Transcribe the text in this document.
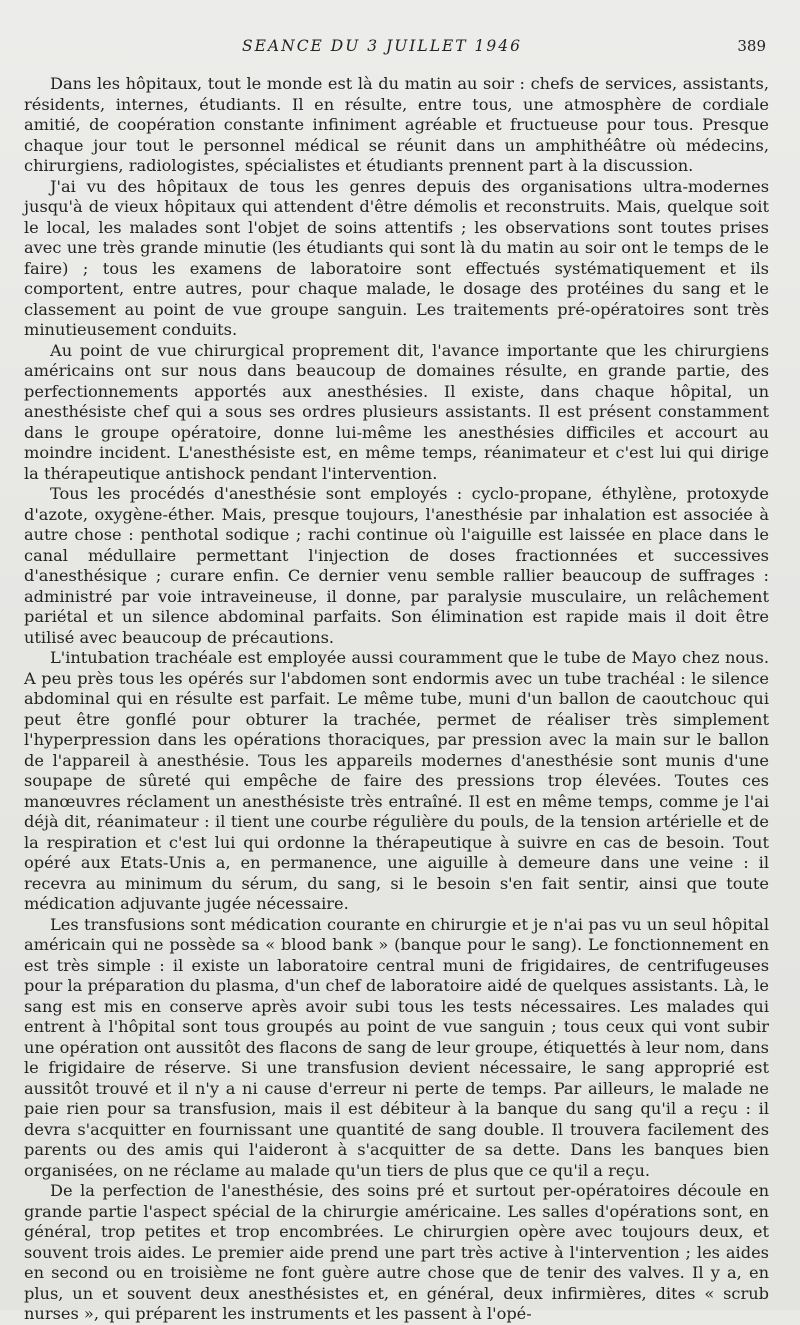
SEANCE DU 3 JUILLET 1946	389

Dans les hôpitaux, tout le monde est là du matin au soir : chefs de services, assistants, résidents, internes, étudiants. Il en résulte, entre tous, une atmosphère de cordiale amitié, de coopération constante infiniment agréable et fructueuse pour tous. Presque chaque jour tout le personnel médical se réunit dans un amphithéâtre où médecins, chirurgiens, radiologistes, spécialistes et étudiants prennent part à la discussion.

J'ai vu des hôpitaux de tous les genres depuis des organisations ultra-modernes jusqu'à de vieux hôpitaux qui attendent d'être démolis et reconstruits. Mais, quelque soit le local, les malades sont l'objet de soins attentifs ; les observations sont toutes prises avec une très grande minutie (les étudiants qui sont là du matin au soir ont le temps de le faire) ; tous les examens de laboratoire sont effectués systématiquement et ils comportent, entre autres, pour chaque malade, le dosage des protéines du sang et le classement au point de vue groupe sanguin. Les traitements pré-opératoires sont très minutieusement conduits.

Au point de vue chirurgical proprement dit, l'avance importante que les chirurgiens américains ont sur nous dans beaucoup de domaines résulte, en grande partie, des perfectionnements apportés aux anesthésies. Il existe, dans chaque hôpital, un anesthésiste chef qui a sous ses ordres plusieurs assistants. Il est présent constamment dans le groupe opératoire, donne lui-même les anesthésies difficiles et accourt au moindre incident. L'anesthésiste est, en même temps, réanimateur et c'est lui qui dirige la thérapeutique antishock pendant l'intervention.

Tous les procédés d'anesthésie sont employés : cyclo-propane, éthylène, protoxyde d'azote, oxygène-éther. Mais, presque toujours, l'anesthésie par inhalation est associée à autre chose : penthotal sodique ; rachi continue où l'aiguille est laissée en place dans le canal médullaire permettant l'injection de doses fractionnées et successives d'anesthésique ; curare enfin. Ce dernier venu semble rallier beaucoup de suffrages : administré par voie intraveineuse, il donne, par paralysie musculaire, un relâchement pariétal et un silence abdominal parfaits. Son élimination est rapide mais il doit être utilisé avec beaucoup de précautions.

L'intubation trachéale est employée aussi couramment que le tube de Mayo chez nous. A peu près tous les opérés sur l'abdomen sont endormis avec un tube trachéal : le silence abdominal qui en résulte est parfait. Le même tube, muni d'un ballon de caoutchouc qui peut être gonflé pour obturer la trachée, permet de réaliser très simplement l'hyperpression dans les opérations thoraciques, par pression avec la main sur le ballon de l'appareil à anesthésie. Tous les appareils modernes d'anesthésie sont munis d'une soupape de sûreté qui empêche de faire des pressions trop élevées. Toutes ces manœuvres réclament un anesthésiste très entraîné. Il est en même temps, comme je l'ai déjà dit, réanimateur : il tient une courbe régulière du pouls, de la tension artérielle et de la respiration et c'est lui qui ordonne la thérapeutique à suivre en cas de besoin. Tout opéré aux Etats-Unis a, en permanence, une aiguille à demeure dans une veine : il recevra au minimum du sérum, du sang, si le besoin s'en fait sentir, ainsi que toute médication adjuvante jugée nécessaire.

Les transfusions sont médication courante en chirurgie et je n'ai pas vu un seul hôpital américain qui ne possède sa « blood bank » (banque pour le sang). Le fonctionnement en est très simple : il existe un laboratoire central muni de frigidaires, de centrifugeuses pour la préparation du plasma, d'un chef de laboratoire aidé de quelques assistants. Là, le sang est mis en conserve après avoir subi tous les tests nécessaires. Les malades qui entrent à l'hôpital sont tous groupés au point de vue sanguin ; tous ceux qui vont subir une opération ont aussitôt des flacons de sang de leur groupe, étiquettés à leur nom, dans le frigidaire de réserve. Si une transfusion devient nécessaire, le sang approprié est aussitôt trouvé et il n'y a ni cause d'erreur ni perte de temps. Par ailleurs, le malade ne paie rien pour sa transfusion, mais il est débiteur à la banque du sang qu'il a reçu : il devra s'acquitter en fournissant une quantité de sang double. Il trouvera facilement des parents ou des amis qui l'aideront à s'acquitter de sa dette. Dans les banques bien organisées, on ne réclame au malade qu'un tiers de plus que ce qu'il a reçu.

De la perfection de l'anesthésie, des soins pré et surtout per-opératoires découle en grande partie l'aspect spécial de la chirurgie américaine. Les salles d'opérations sont, en général, trop petites et trop encombrées. Le chirurgien opère avec toujours deux, et souvent trois aides. Le premier aide prend une part très active à l'intervention ; les aides en second ou en troisième ne font guère autre chose que de tenir des valves. Il y a, en plus, un et souvent deux anesthésistes et, en général, deux infirmières, dites « scrub nurses », qui préparent les instruments et les passent à l'opé-
